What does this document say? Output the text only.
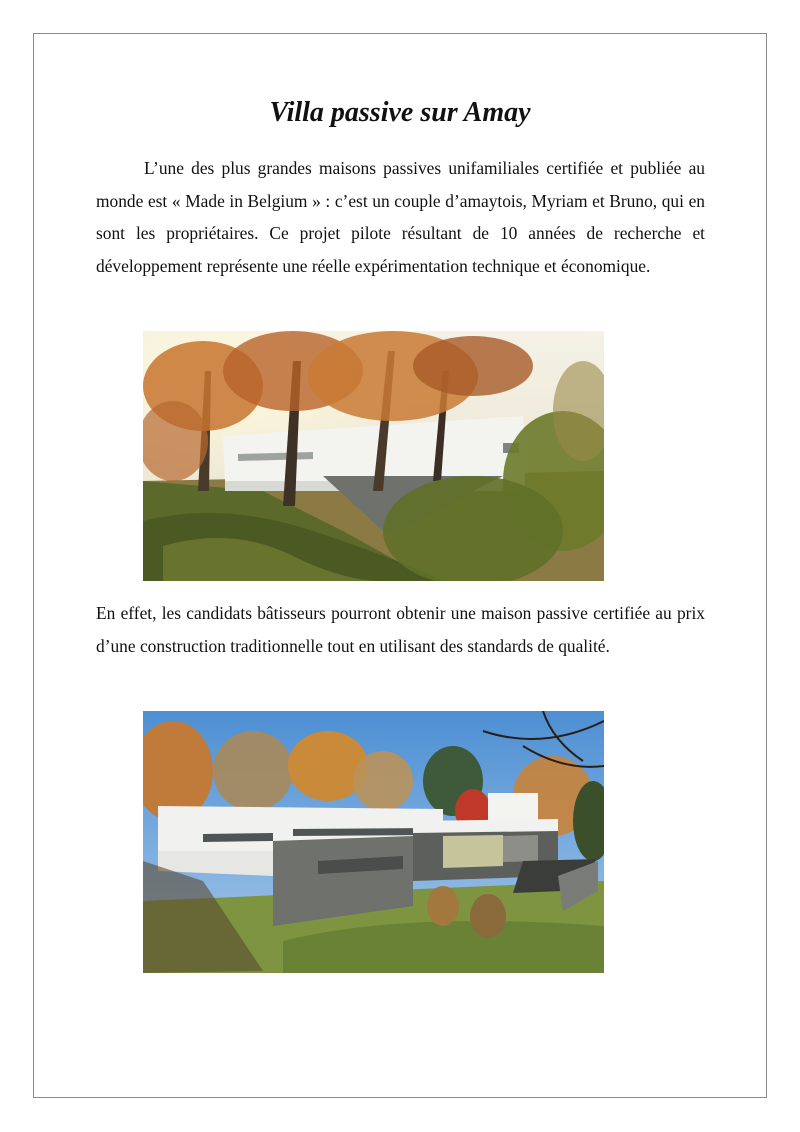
Villa passive sur Amay

L’une des plus grandes maisons passives unifamiliales certifiée et publiée au monde est « Made in Belgium » : c’est un couple d’amaytois, Myriam et Bruno, qui en sont les propriétaires. Ce projet pilote résultant de 10 années de recherche et développement représente une réelle expérimentation technique et économique.

En effet, les candidats bâtisseurs pourront obtenir une maison passive certifiée au prix d’une construction traditionnelle tout en utilisant des standards de qualité.
